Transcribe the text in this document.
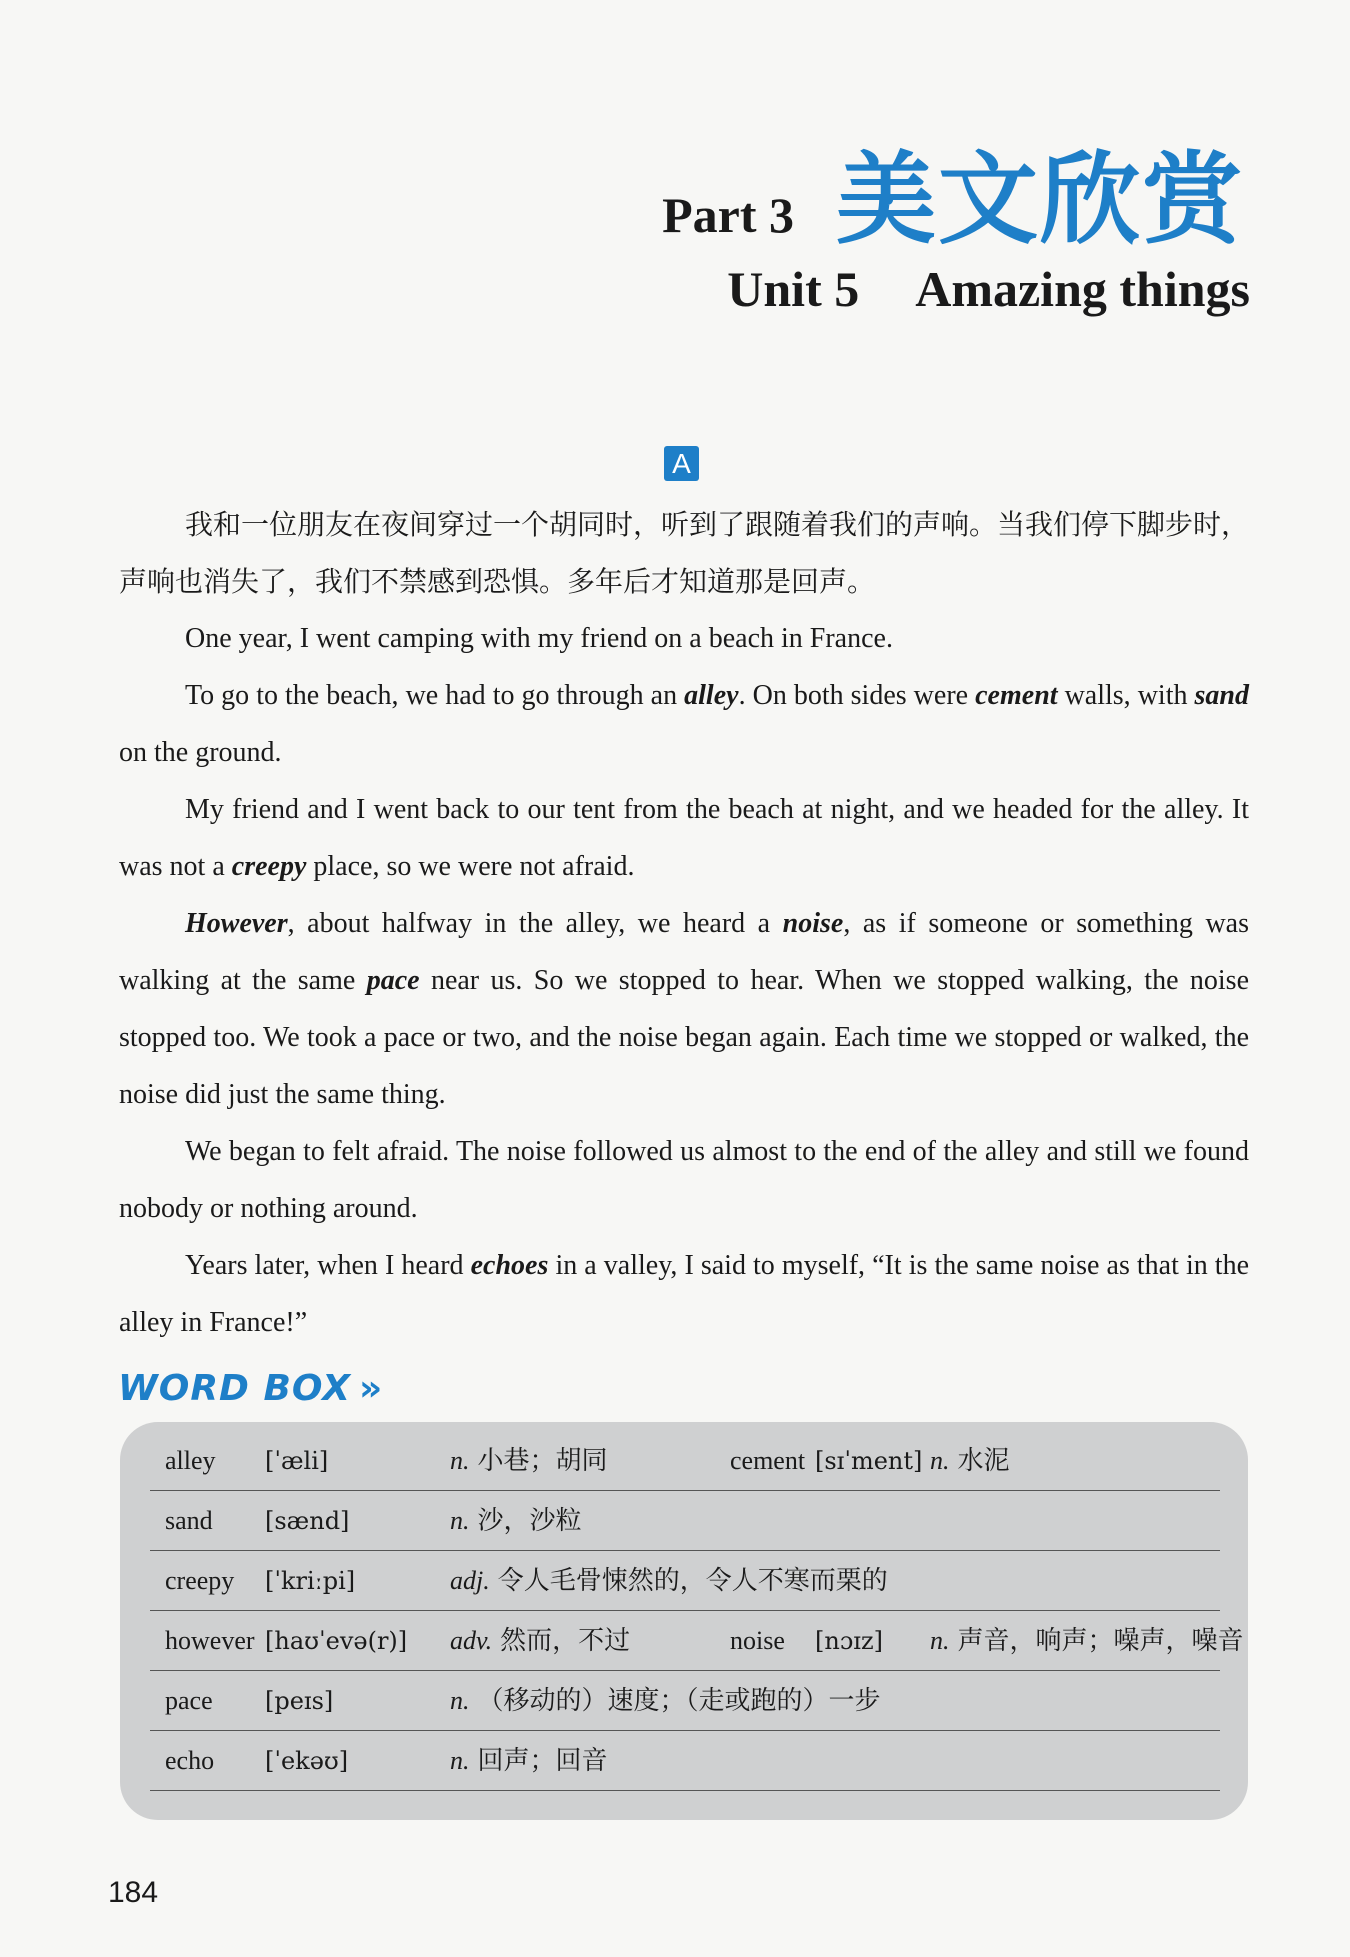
Part 3 美文欣赏
Unit 5 Amazing things
A

我和一位朋友在夜间穿过一个胡同时，听到了跟随着我们的声响。当我们停下脚步时，声响也消失了，我们不禁感到恐惧。多年后才知道那是回声。

One year, I went camping with my friend on a beach in France.

To go to the beach, we had to go through an alley. On both sides were cement walls, with sand on the ground.

My friend and I went back to our tent from the beach at night, and we headed for the alley. It was not a creepy place, so we were not afraid.

However, about halfway in the alley, we heard a noise, as if someone or something was walking at the same pace near us. So we stopped to hear. When we stopped walking, the noise stopped too. We took a pace or two, and the noise began again. Each time we stopped or walked, the noise did just the same thing.

We began to felt afraid. The noise followed us almost to the end of the alley and still we found nobody or nothing around.

Years later, when I heard echoes in a valley, I said to myself, “It is the same noise as that in the alley in France!”

WORD BOX »
alley [ˈæli]	n. 小巷；胡同	cement [sɪˈment] n. 水泥
sand [sænd]	n. 沙，沙粒
creepy [ˈkriːpi]	adj. 令人毛骨悚然的，令人不寒而栗的
however [haʊˈevə(r)] adv. 然而，不过	noise [nɔɪz] n. 声音，响声；噪声，噪音
pace [peɪs]	n. （移动的）速度；（走或跑的）一步
echo [ˈekəʊ]	n. 回声；回音
184
